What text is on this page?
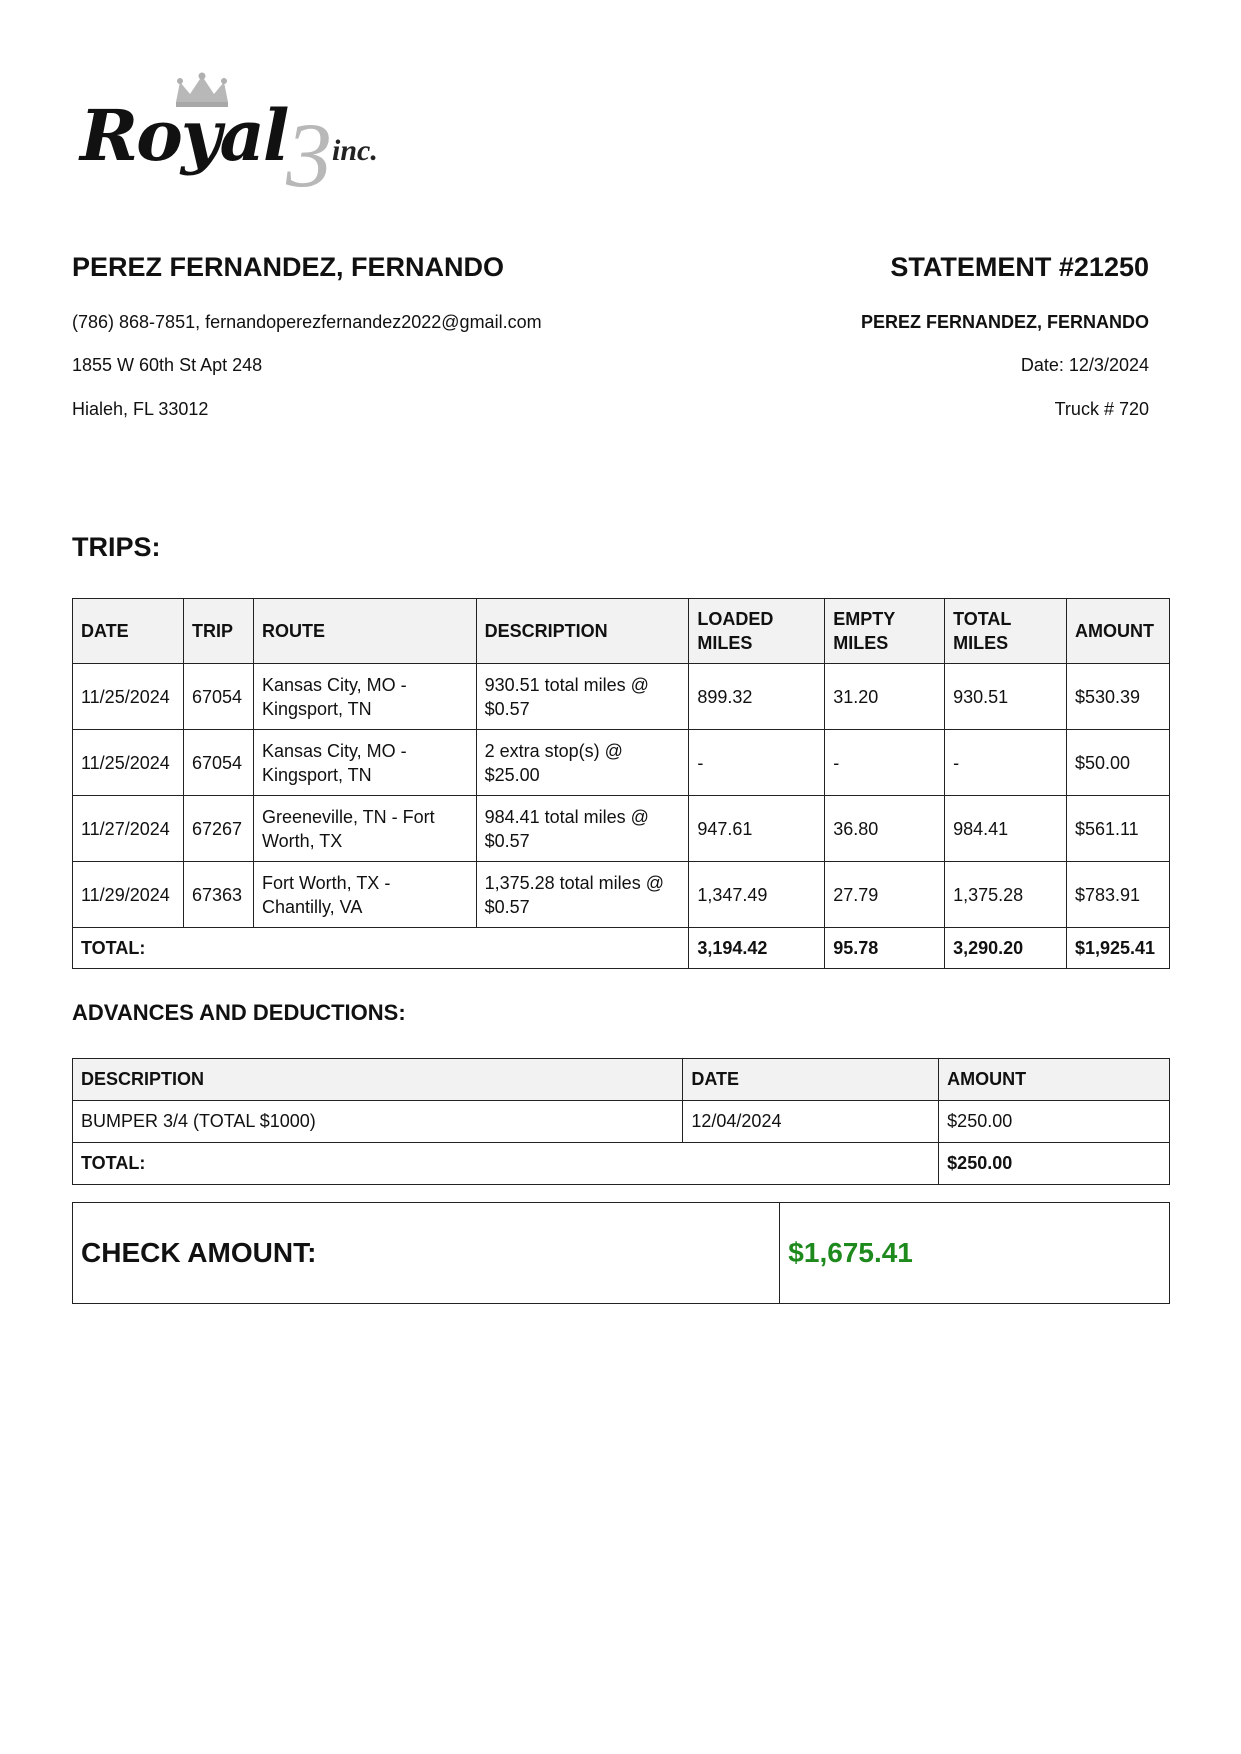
Royal
3 inc.

PEREZ FERNANDEZ, FERNANDO

(786) 868-7851, fernandoperezfernandez2022@gmail.com

1855 W 60th St Apt 248

Hialeh, FL 33012

STATEMENT #21250

PEREZ FERNANDEZ, FERNANDO

Date: 12/3/2024

Truck # 720

TRIPS:

DATE	TRIP	ROUTE	DESCRIPTION	LOADED MILES	EMPTY MILES	TOTAL MILES	AMOUNT
11/25/2024	67054	Kansas City, MO - Kingsport, TN	930.51 total miles @ $0.57	899.32	31.20	930.51	$530.39
11/25/2024	67054	Kansas City, MO - Kingsport, TN	2 extra stop(s) @ $25.00	-	-	-	$50.00
11/27/2024	67267	Greeneville, TN - Fort Worth, TX	984.41 total miles @ $0.57	947.61	36.80	984.41	$561.11
11/29/2024	67363	Fort Worth, TX - Chantilly, VA	1,375.28 total miles @ $0.57	1,347.49	27.79	1,375.28	$783.91
TOTAL:				3,194.42	95.78	3,290.20	$1,925.41

ADVANCES AND DEDUCTIONS:

DESCRIPTION	DATE	AMOUNT
BUMPER 3/4 (TOTAL $1000)	12/04/2024	$250.00
TOTAL:		$250.00
CHECK AMOUNT:	$1,675.41
